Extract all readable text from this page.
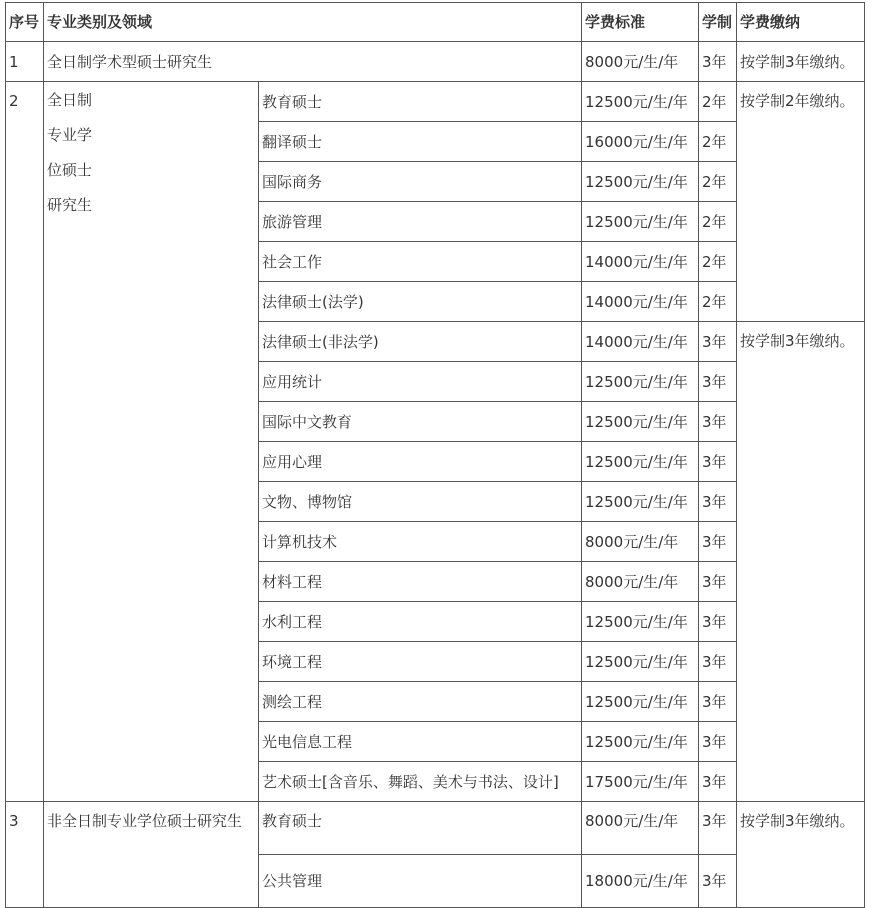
序号	专业类别及领域		学费标准	学制	学费缴纳
1	全日制学术型硕士研究生		8000元/生/年	3年	按学制3年缴纳。
2	全日制
专业学
位硕士
研究生	教育硕士	12500元/生/年	2年	按学制2年缴纳。
		翻译硕士	16000元/生/年	2年	
		国际商务	12500元/生/年	2年	
		旅游管理	12500元/生/年	2年	
		社会工作	14000元/生/年	2年	
		法律硕士(法学)	14000元/生/年	2年	
		法律硕士(非法学)	14000元/生/年	3年	按学制3年缴纳。
		应用统计	12500元/生/年	3年	
		国际中文教育	12500元/生/年	3年	
		应用心理	12500元/生/年	3年	
		文物、博物馆	12500元/生/年	3年	
		计算机技术	8000元/生/年	3年	
		材料工程	8000元/生/年	3年	
		水利工程	12500元/生/年	3年	
		环境工程	12500元/生/年	3年	
		测绘工程	12500元/生/年	3年	
		光电信息工程	12500元/生/年	3年	
		艺术硕士[含音乐、舞蹈、美术与书法、设计]	17500元/生/年	3年	
3	非全日制专业学位硕士研究生	教育硕士	8000元/生/年	3年	按学制3年缴纳。
		公共管理	18000元/生/年	3年	
